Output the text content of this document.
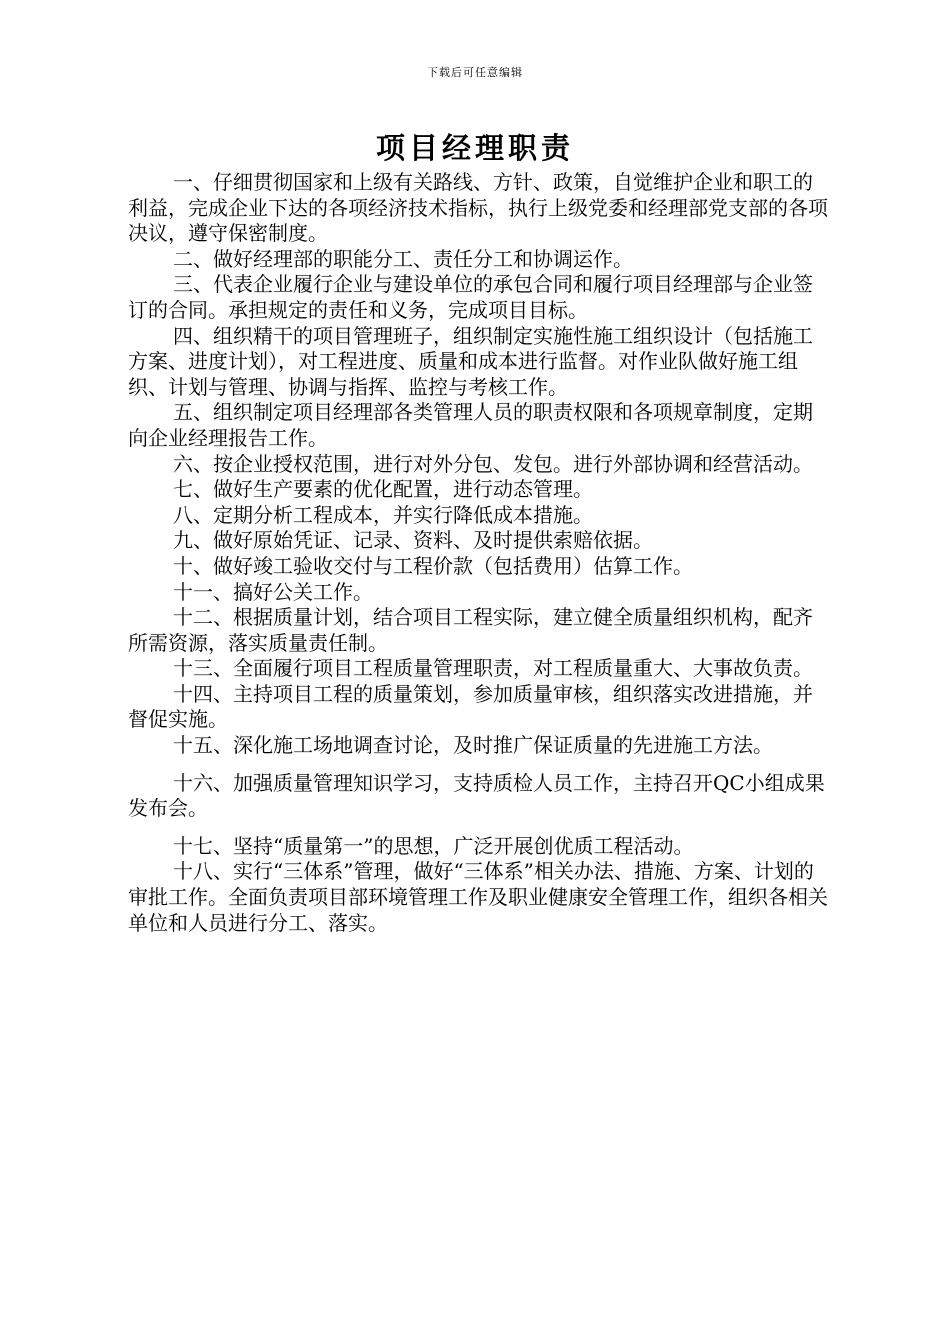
下载后可任意编辑
项目经理职责

一、仔细贯彻国家和上级有关路线、方针、政策，自觉维护企业和职工的利益，完成企业下达的各项经济技术指标，执行上级党委和经理部党支部的各项决议，遵守保密制度。

二、做好经理部的职能分工、责任分工和协调运作。

三、代表企业履行企业与建设单位的承包合同和履行项目经理部与企业签订的合同。承担规定的责任和义务，完成项目目标。

四、组织精干的项目管理班子，组织制定实施性施工组织设计（包括施工方案、进度计划），对工程进度、质量和成本进行监督。对作业队做好施工组织、计划与管理、协调与指挥、监控与考核工作。

五、组织制定项目经理部各类管理人员的职责权限和各项规章制度，定期向企业经理报告工作。

六、按企业授权范围，进行对外分包、发包。进行外部协调和经营活动。

七、做好生产要素的优化配置，进行动态管理。

八、定期分析工程成本，并实行降低成本措施。

九、做好原始凭证、记录、资料、及时提供索赔依据。

十、做好竣工验收交付与工程价款（包括费用）估算工作。

十一、搞好公关工作。

十二、根据质量计划，结合项目工程实际，建立健全质量组织机构，配齐所需资源，落实质量责任制。

十三、全面履行项目工程质量管理职责，对工程质量重大、大事故负责。

十四、主持项目工程的质量策划，参加质量审核，组织落实改进措施，并督促实施。

十五、深化施工场地调查讨论，及时推广保证质量的先进施工方法。

十六、加强质量管理知识学习，支持质检人员工作，主持召开QC小组成果发布会。

十七、坚持“质量第一”的思想，广泛开展创优质工程活动。

十八、实行“三体系”管理，做好“三体系”相关办法、措施、方案、计划的审批工作。全面负责项目部环境管理工作及职业健康安全管理工作，组织各相关单位和人员进行分工、落实。
